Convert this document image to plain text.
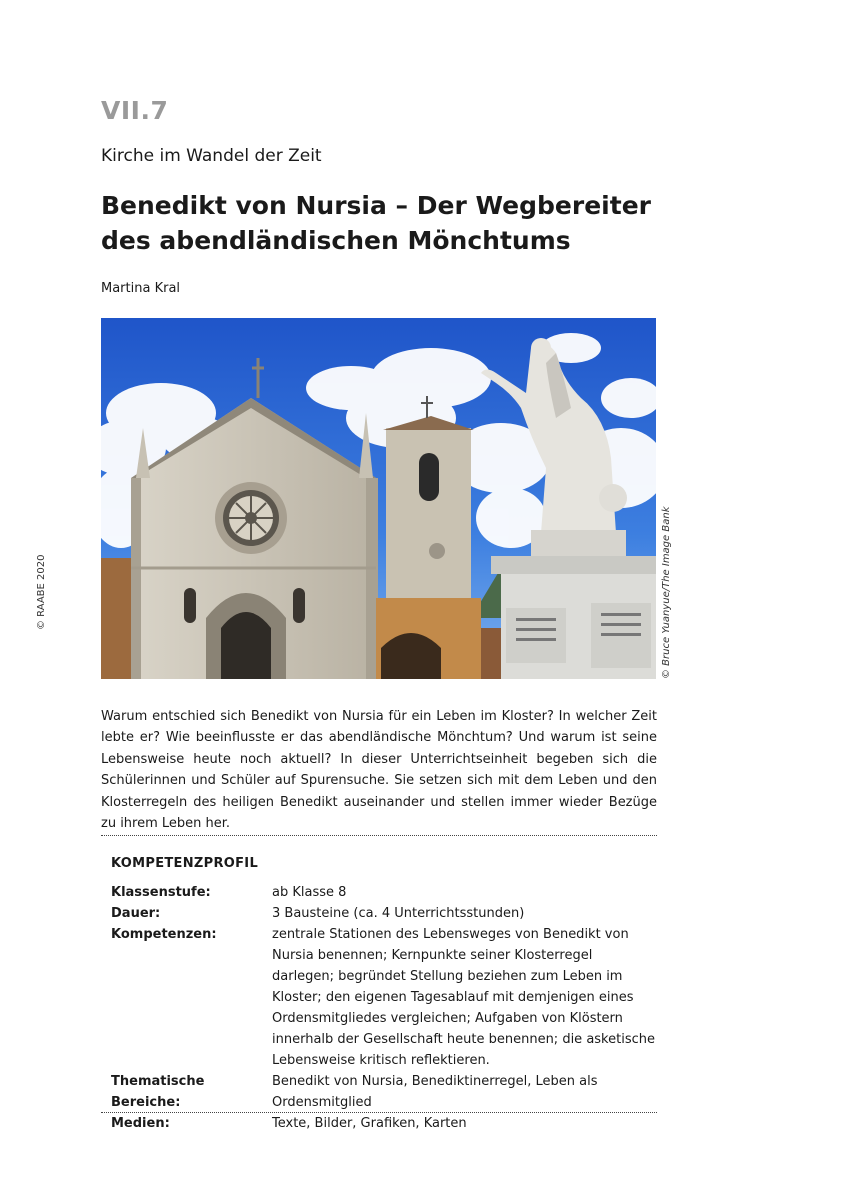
VII.7
Kirche im Wandel der Zeit
Benedikt von Nursia – Der Wegbereiter
des abendländischen Mönchtums
Martina Kral
© Bruce Yuanyue/The Image Bank
© RAABE 2020

Warum entschied sich Benedikt von Nursia für ein Leben im Kloster? In welcher Zeit lebte er? Wie beeinflusste er das abendländische Mönchtum? Und warum ist seine Lebensweise heute noch aktuell? In dieser Unterrichtseinheit begeben sich die Schülerinnen und Schüler auf Spurensuche. Sie setzen sich mit dem Leben und den Klosterregeln des heiligen Benedikt auseinander und stellen immer wieder Bezüge zu ihrem Leben her.

KOMPETENZPROFIL
Klassenstufe:	ab Klasse 8
Dauer:	3 Bausteine (ca. 4 Unterrichtsstunden)
Kompetenzen:	zentrale Stationen des Lebensweges von Benedikt von Nursia benennen; Kernpunkte seiner Klosterregel darlegen; begründet Stellung beziehen zum Leben im Kloster; den eigenen Tagesablauf mit demjenigen eines Ordensmitgliedes vergleichen; Aufgaben von Klöstern innerhalb der Gesellschaft heute benennen; die asketische Lebensweise kritisch reflektieren.
Thematische Bereiche:	Benedikt von Nursia, Benediktinerregel, Leben als Ordensmitglied
Medien:	Texte, Bilder, Grafiken, Karten
